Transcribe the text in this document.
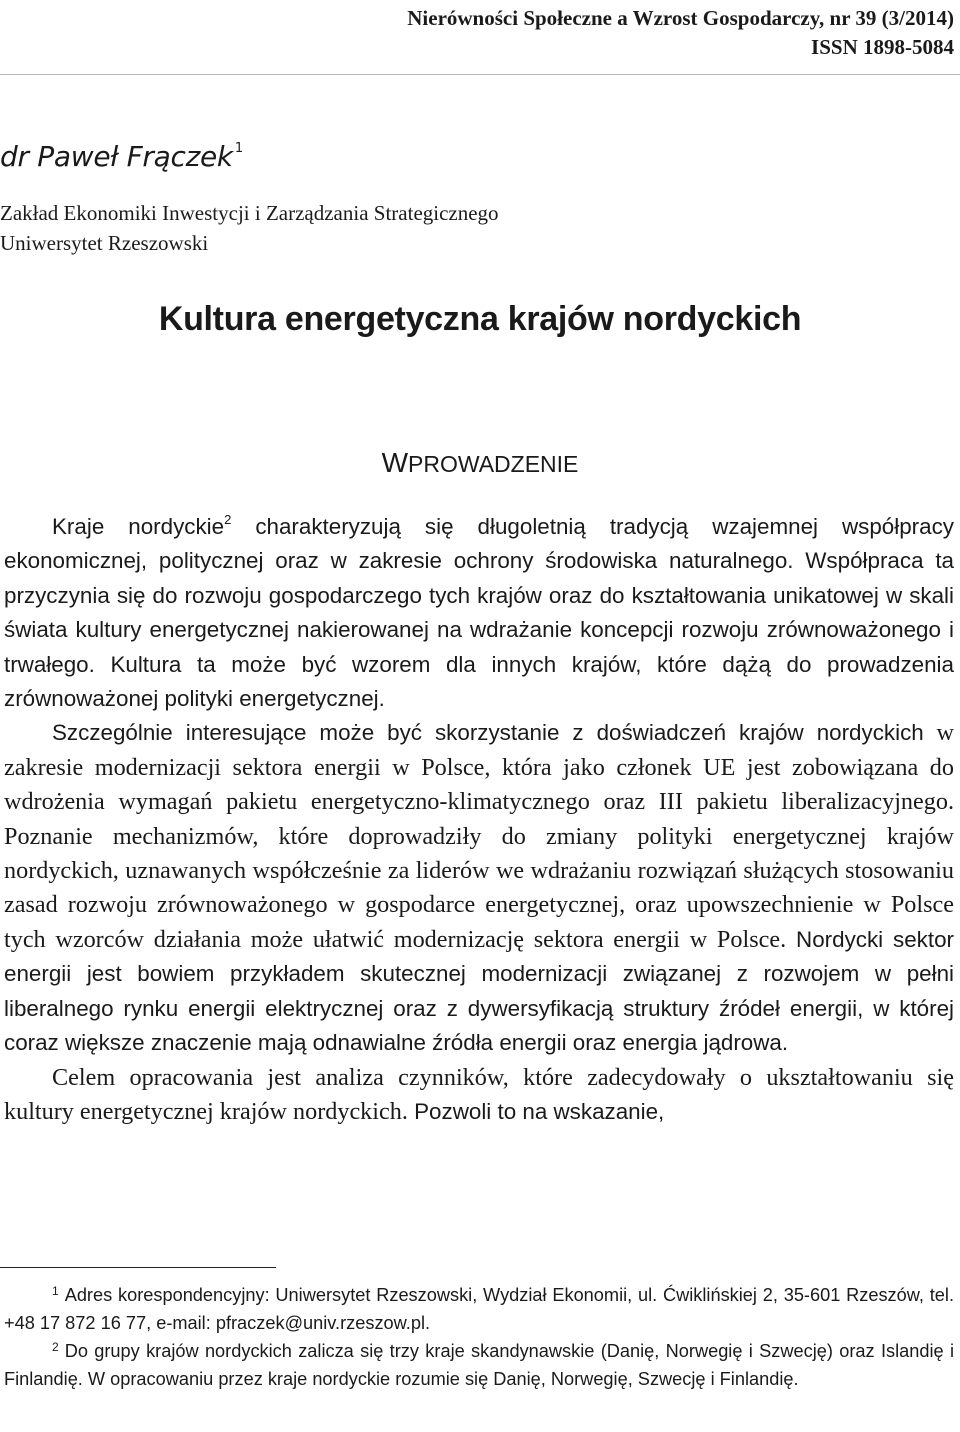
Nierówności Społeczne a Wzrost Gospodarczy, nr 39 (3/2014)
ISSN 1898-5084
dr Paweł Frączek $^1$
Zakład Ekonomiki Inwestycji i Zarządzania Strategicznego
Uniwersytet Rzeszowski
Kultura energetyczna krajów nordyckich
WPROWADZENIE

Kraje nordyckie$^2$ charakteryzują się długoletnią tradycją wzajemnej współpracy ekonomicznej, politycznej oraz w zakresie ochrony środowiska naturalnego. Współpraca ta przyczynia się do rozwoju gospodarczego tych krajów oraz do kształtowania unikatowej w skali świata kultury energetycznej nakierowanej na wdrażanie koncepcji rozwoju zrównoważonego i trwałego. Kultura ta może być wzorem dla innych krajów, które dążą do prowadzenia zrównoważonej polityki energetycznej.

Szczególnie interesujące może być skorzystanie z doświadczeń krajów nordyckich w zakresie modernizacji sektora energii w Polsce, która jako członek UE jest zobowiązana do wdrożenia wymagań pakietu energetyczno-klimatycznego oraz III pakietu liberalizacyjnego. Poznanie mechanizmów, które doprowadziły do zmiany polityki energetycznej krajów nordyckich, uznawanych współcześnie za liderów we wdrażaniu rozwiązań służących stosowaniu zasad rozwoju zrównoważonego w gospodarce energetycznej, oraz upowszechnienie w Polsce tych wzorców działania może ułatwić modernizację sektora energii w Polsce. Nordycki sektor energii jest bowiem przykładem skutecznej modernizacji związanej z rozwojem w pełni liberalnego rynku energii elektrycznej oraz z dywersyfikacją struktury źródeł energii, w której coraz większe znaczenie mają odnawialne źródła energii oraz energia jądrowa.

Celem opracowania jest analiza czynników, które zadecydowały o ukształtowaniu się kultury energetycznej krajów nordyckich. Pozwoli to na wskazanie,

$^1$ Adres korespondencyjny: Uniwersytet Rzeszowski, Wydział Ekonomii, ul. Ćwiklińskiej 2, 35-601 Rzeszów, tel. +48 17 872 16 77, e-mail: pfraczek@univ.rzeszow.pl.

$^2$ Do grupy krajów nordyckich zalicza się trzy kraje skandynawskie (Danię, Norwegię i Szwecję) oraz Islandię i Finlandię. W opracowaniu przez kraje nordyckie rozumie się Danię, Norwegię, Szwecję i Finlandię.
